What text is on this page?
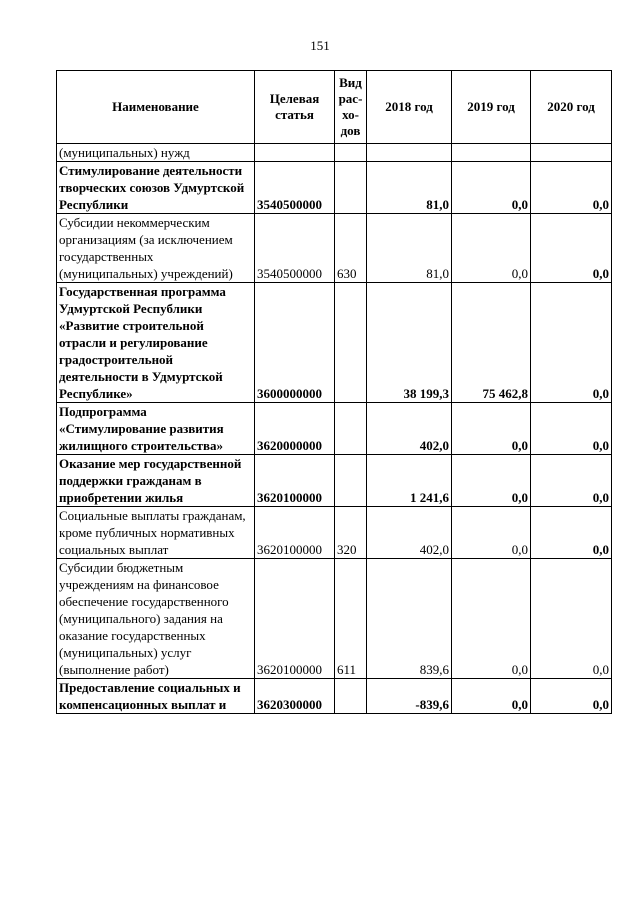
151
Наименование	Целевая статья	Вид рас-хо-дов	2018 год	2019 год	2020 год
(муниципальных) нужд					
Стимулирование деятельности творческих союзов Удмуртской Республики	3540500000		81,0	0,0	0,0
Субсидии некоммерческим организациям (за исключением государственных (муниципальных) учреждений)	3540500000	630	81,0	0,0	0,0
Государственная программа Удмуртской Республики «Развитие строительной отрасли и регулирование градостроительной деятельности в Удмуртской Республике»	3600000000		38 199,3	75 462,8	0,0
Подпрограмма «Стимулирование развития жилищного строительства»	3620000000		402,0	0,0	0,0
Оказание мер государственной поддержки гражданам в приобретении жилья	3620100000		1 241,6	0,0	0,0
Социальные выплаты гражданам, кроме публичных нормативных социальных выплат	3620100000	320	402,0	0,0	0,0
Субсидии бюджетным учреждениям на финансовое обеспечение государственного (муниципального) задания на оказание государственных (муниципальных) услуг (выполнение работ)	3620100000	611	839,6	0,0	0,0
Предоставление социальных и компенсационных выплат и	3620300000		-839,6	0,0	0,0
